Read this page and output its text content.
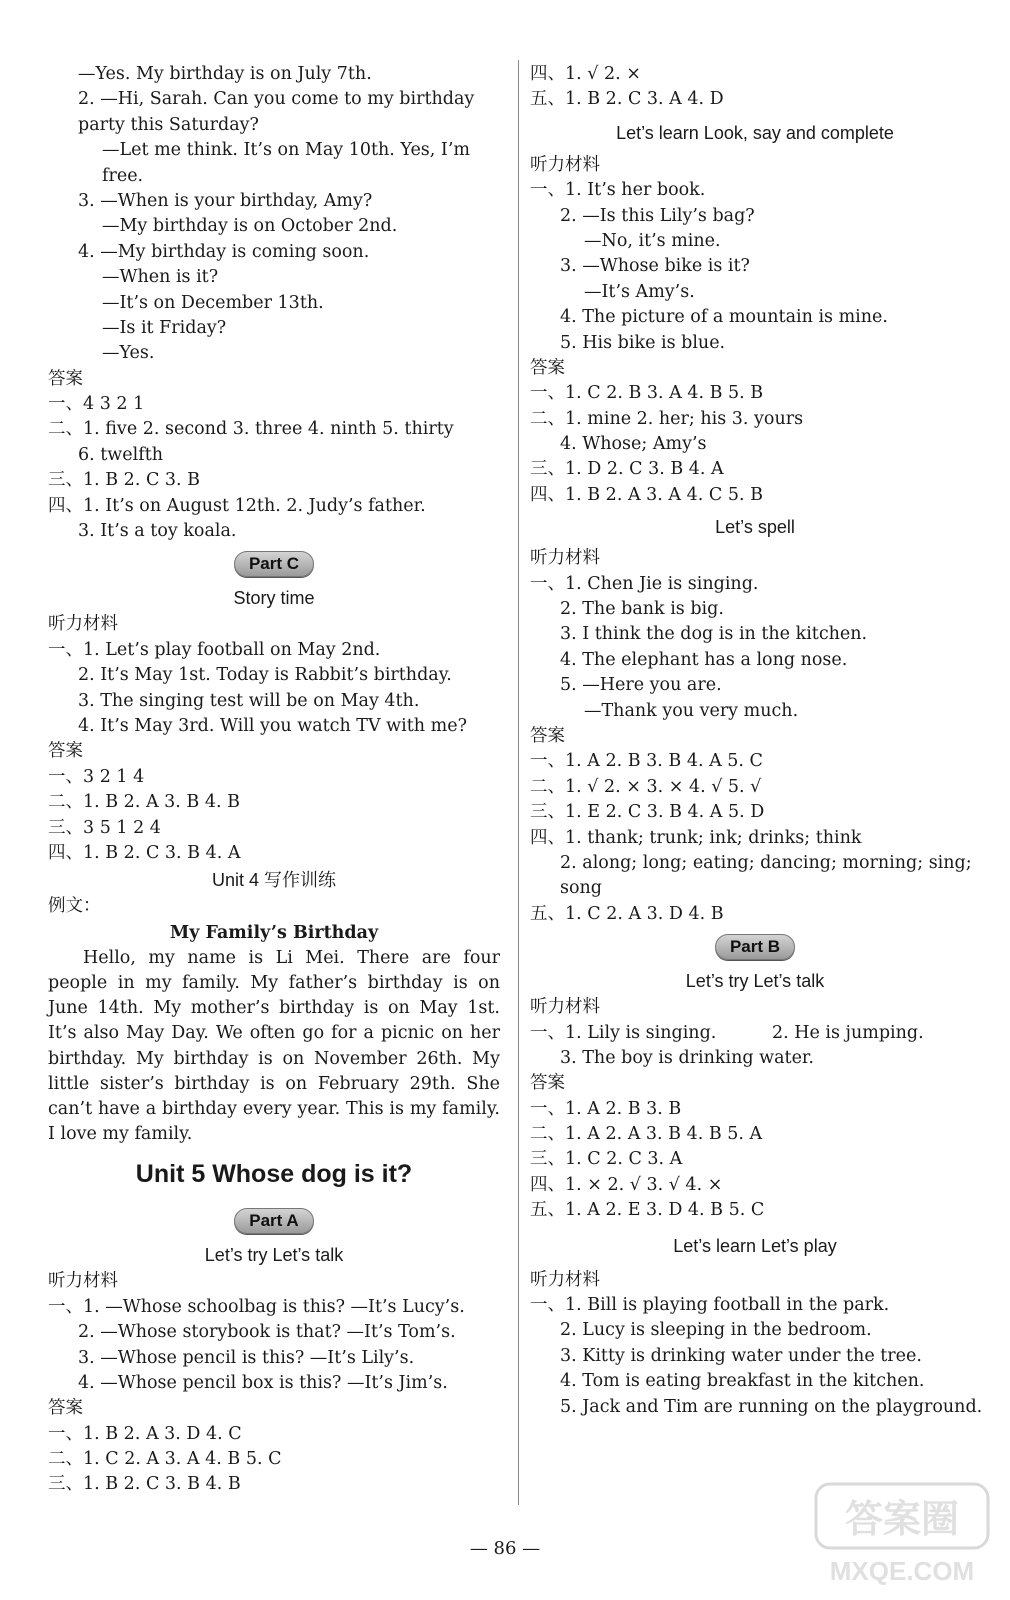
—Yes. My birthday is on July 7th.
2. —Hi, Sarah. Can you come to my birthday
party this Saturday?
—Let me think. It’s on May 10th. Yes, I’m
free.
3. —When is your birthday, Amy?
—My birthday is on October 2nd.
4. —My birthday is coming soon.
—When is it?
—It’s on December 13th.
—Is it Friday?
—Yes.
答案
一、4 3 2 1
二、1. five 2. second 3. three 4. ninth 5. thirty
6. twelfth
三、1. B 2. C 3. B
四、1. It’s on August 12th. 2. Judy’s father.
3. It’s a toy koala.
Part C
Story time
听力材料
一、1. Let’s play football on May 2nd.
2. It’s May 1st. Today is Rabbit’s birthday.
3. The singing test will be on May 4th.
4. It’s May 3rd. Will you watch TV with me?
答案
一、3 2 1 4
二、1. B 2. A 3. B 4. B
三、3 5 1 2 4
四、1. B 2. C 3. B 4. A
Unit 4 写作训练
例文：
My Family’s Birthday

Hello, my name is Li Mei. There are four people in my family. My father’s birthday is on June 14th. My mother’s birthday is on May 1st. It’s also May Day. We often go for a picnic on her birthday. My birthday is on November 26th. My little sister’s birthday is on February 29th. She can’t have a birthday every year. This is my family. I love my family.

Unit 5 Whose dog is it?
Part A
Let’s try Let’s talk
听力材料
一、1. —Whose schoolbag is this? —It’s Lucy’s.
2. —Whose storybook is that? —It’s Tom’s.
3. —Whose pencil is this? —It’s Lily’s.
4. —Whose pencil box is this? —It’s Jim’s.
答案
一、1. B 2. A 3. D 4. C
二、1. C 2. A 3. A 4. B 5. C
三、1. B 2. C 3. B 4. B
四、1. √ 2. ×
五、1. B 2. C 3. A 4. D
Let’s learn Look, say and complete
听力材料
一、1. It’s her book.
2. —Is this Lily’s bag?
—No, it’s mine.
3. —Whose bike is it?
—It’s Amy’s.
4. The picture of a mountain is mine.
5. His bike is blue.
答案
一、1. C 2. B 3. A 4. B 5. B
二、1. mine 2. her; his 3. yours
4. Whose; Amy’s
三、1. D 2. C 3. B 4. A
四、1. B 2. A 3. A 4. C 5. B
Let’s spell
听力材料
一、1. Chen Jie is singing.
2. The bank is big.
3. I think the dog is in the kitchen.
4. The elephant has a long nose.
5. —Here you are.
—Thank you very much.
答案
一、1. A 2. B 3. B 4. A 5. C
二、1. √ 2. × 3. × 4. √ 5. √
三、1. E 2. C 3. B 4. A 5. D
四、1. thank; trunk; ink; drinks; think
2. along; long; eating; dancing; morning; sing;
song
五、1. C 2. A 3. D 4. B
Part B
Let’s try Let’s talk
听力材料
一、1. Lily is singing.          2. He is jumping.
3. The boy is drinking water.
答案
一、1. A 2. B 3. B
二、1. A 2. A 3. B 4. B 5. A
三、1. C 2. C 3. A
四、1. × 2. √ 3. √ 4. ×
五、1. A 2. E 3. D 4. B 5. C
Let’s learn Let’s play
听力材料
一、1. Bill is playing football in the park.
2. Lucy is sleeping in the bedroom.
3. Kitty is drinking water under the tree.
4. Tom is eating breakfast in the kitchen.
5. Jack and Tim are running on the playground.
— 86 —
答案圈
MXQE.COM
